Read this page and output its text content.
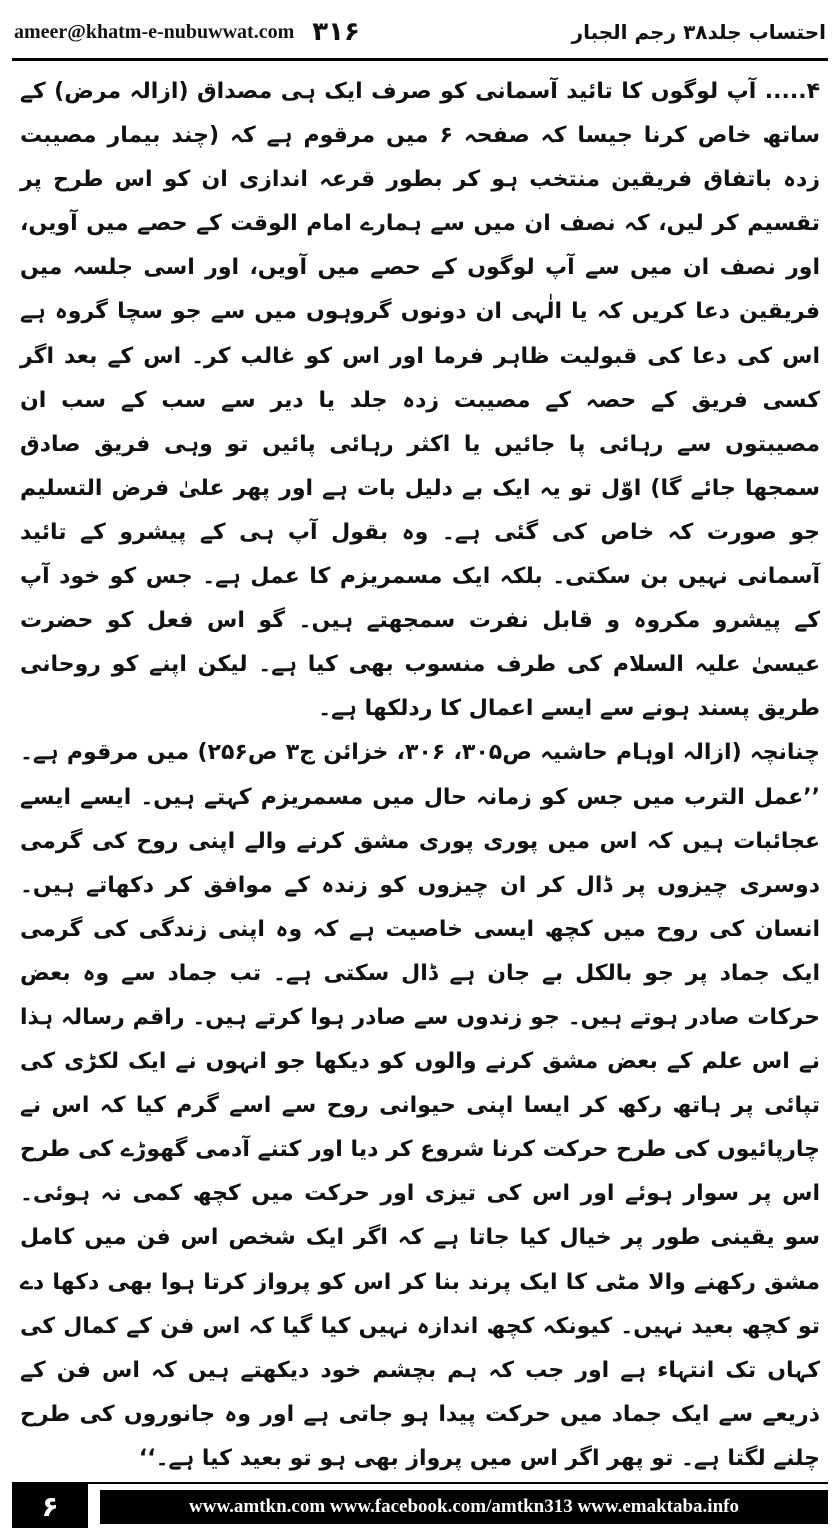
ameer@khatm-e-nubuwwat.com ۳۱۶	احتساب جلد۳۸ رجم الجبار

۴..... آپ لوگوں کا تائید آسمانی کو صرف ایک ہی مصداق (ازالہ مرض) کے ساتھ خاص کرنا جیسا کہ صفحہ ۶ میں مرقوم ہے کہ (چند بیمار مصیبت زدہ باتفاق فریقین منتخب ہو کر بطور قرعہ اندازی ان کو اس طرح پر تقسیم کر لیں، کہ نصف ان میں سے ہمارے امام الوقت کے حصے میں آویں، اور نصف ان میں سے آپ لوگوں کے حصے میں آویں، اور اسی جلسہ میں فریقین دعا کریں کہ یا الٰہی ان دونوں گروہوں میں سے جو سچا گروہ ہے اس کی دعا کی قبولیت ظاہر فرما اور اس کو غالب کر۔ اس کے بعد اگر کسی فریق کے حصہ کے مصیبت زدہ جلد یا دیر سے سب کے سب ان مصیبتوں سے رہائی پا جائیں یا اکثر رہائی پائیں تو وہی فریق صادق سمجھا جائے گا) اوّل تو یہ ایک بے دلیل بات ہے اور پھر علیٰ فرض التسلیم جو صورت کہ خاص کی گئی ہے۔ وہ بقول آپ ہی کے پیشرو کے تائید آسمانی نہیں بن سکتی۔ بلکہ ایک مسمریزم کا عمل ہے۔ جس کو خود آپ کے پیشرو مکروہ و قابل نفرت سمجھتے ہیں۔ گو اس فعل کو حضرت عیسیٰ علیہ السلام کی طرف منسوب بھی کیا ہے۔ لیکن اپنے کو روحانی طریق پسند ہونے سے ایسے اعمال کا ردلکھا ہے۔

چنانچہ (ازالہ اوہام حاشیہ ص۳۰۵، ۳۰۶، خزائن ج۳ ص۲۵۶) میں مرقوم ہے۔ ’’عمل الترب میں جس کو زمانہ حال میں مسمریزم کہتے ہیں۔ ایسے ایسے عجائبات ہیں کہ اس میں پوری پوری مشق کرنے والے اپنی روح کی گرمی دوسری چیزوں پر ڈال کر ان چیزوں کو زندہ کے موافق کر دکھاتے ہیں۔ انسان کی روح میں کچھ ایسی خاصیت ہے کہ وہ اپنی زندگی کی گرمی ایک جماد پر جو بالکل بے جان ہے ڈال سکتی ہے۔ تب جماد سے وہ بعض حرکات صادر ہوتے ہیں۔ جو زندوں سے صادر ہوا کرتے ہیں۔ راقم رسالہ ہذا نے اس علم کے بعض مشق کرنے والوں کو دیکھا جو انہوں نے ایک لکڑی کی تپائی پر ہاتھ رکھ کر ایسا اپنی حیوانی روح سے اسے گرم کیا کہ اس نے چارپائیوں کی طرح حرکت کرنا شروع کر دیا اور کتنے آدمی گھوڑے کی طرح اس پر سوار ہوئے اور اس کی تیزی اور حرکت میں کچھ کمی نہ ہوئی۔ سو یقینی طور پر خیال کیا جاتا ہے کہ اگر ایک شخص اس فن میں کامل مشق رکھنے والا مٹی کا ایک پرند بنا کر اس کو پرواز کرتا ہوا بھی دکھا دے تو کچھ بعید نہیں۔ کیونکہ کچھ اندازہ نہیں کیا گیا کہ اس فن کے کمال کی کہاں تک انتہاء ہے اور جب کہ ہم بچشم خود دیکھتے ہیں کہ اس فن کے ذریعے سے ایک جماد میں حرکت پیدا ہو جاتی ہے اور وہ جانوروں کی طرح چلنے لگتا ہے۔ تو پھر اگر اس میں پرواز بھی ہو تو بعید کیا ہے۔‘‘

۶	www.amtkn.com www.facebook.com/amtkn313 www.emaktaba.info
